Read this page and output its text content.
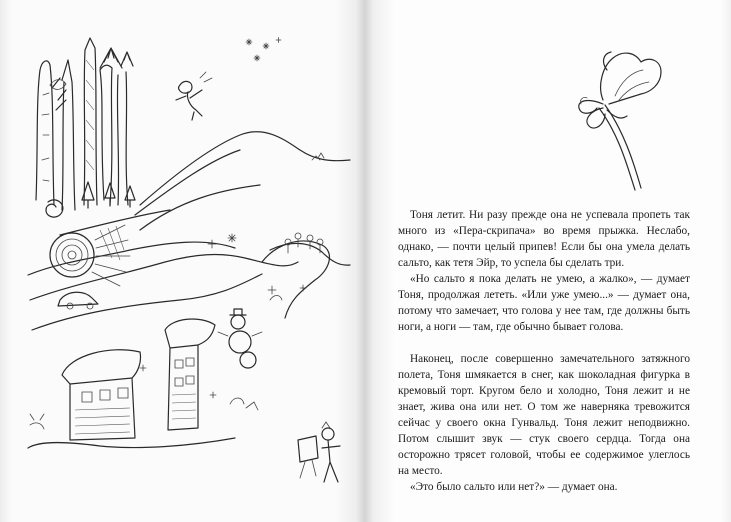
Тоня летит. Ни разу прежде она не успевала пропеть так много из «Пера-скрипача» во время прыжка. Неслабо, однако, — почти целый припев! Если бы она умела делать сальто, как тетя Эйр, то успела бы сделать три.

«Но сальто я пока делать не умею, а жалко», — думает Тоня, продолжая лететь. «Или уже умею...» — думает она, потому что замечает, что голова у нее там, где должны быть ноги, а ноги — там, где обычно бывает голова.

Наконец, после совершенно замечательного затяжного полета, Тоня шмякается в снег, как шоколадная фигурка в кремовый торт. Кругом бело и холодно, Тоня лежит и не знает, жива она или нет. О том же наверняка тревожится сейчас у своего окна Гунвальд. Тоня лежит неподвижно. Потом слышит звук — стук своего сердца. Тогда она осторожно трясет головой, чтобы ее содержимое улеглось на место.

«Это было сальто или нет?» — думает она.
